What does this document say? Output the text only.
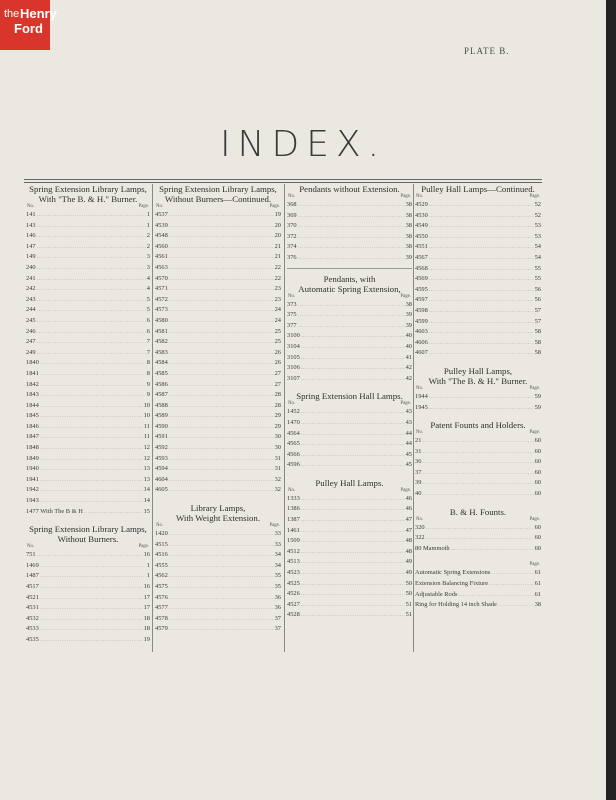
the Henry
Ford
PLATE B.
INDEX.
Spring Extension Library Lamps,
With "The B. & H." Burner.
No.	Page.
141 .....	1
143 .....	1
146 .....	2
147 .....	2
149 .....	3
240 .....	3
241 .....	4
242 .....	4
243 .....	5
244 .....	5
245 .....	6
246 .....	6
247 .....	7
249 .....	7
1840 .....	8
1841 .....	8
1842 .....	9
1843 .....	9
1844 .....	10
1845 .....	10
1846 .....	11
1847 .....	11
1848 .....	12
1849 .....	12
1940 .....	13
1941 .....	13
1942 .....	14
1943 .....	14
1477 With The B & H .....	15
Spring Extension Library Lamps,
Without Burners.
No.	Page.
751 .....	16
1469 .....	1
1487 .....	1
4517 .....	16
4521 .....	17
4531 .....	17
4532 .....	18
4533 .....	18
4535 .....	19
Spring Extension Library Lamps,
Without Burners—Continued.
No.	Page.
4537 .....	19
4539 .....	20
4548 .....	20
4560 .....	21
4561 .....	21
4563 .....	22
4570 .....	22
4571 .....	23
4572 .....	23
4573 .....	24
4580 .....	24
4581 .....	25
4582 .....	25
4583 .....	26
4584 .....	26
4585 .....	27
4586 .....	27
4587 .....	28
4588 .....	28
4589 .....	29
4590 .....	29
4591 .....	30
4592 .....	30
4593 .....	31
4594 .....	31
4604 .....	32
4605 .....	32
Library Lamps,
With Weight Extension.
No.	Page.
1420 .....	33
4515 .....	33
4516 .....	34
4555 .....	34
4562 .....	35
4575 .....	35
4576 .....	36
4577 .....	36
4578 .....	37
4579 .....	37
Pendants without Extension.
No.	Page.
368 .....	38
369 .....	38
370 .....	38
372 .....	38
374 .....	38
376 .....	39
Pendants, with
Automatic Spring Extension,
No.	Page.
373 .....	38
375 .....	39
377 .....	39
3100 .....	40
3104 .....	40
3105 .....	41
3106 .....	42
3107 .....	42
Spring Extension Hall Lamps.
No.	Page.
1452 .....	43
1470 .....	43
4564 .....	44
4565 .....	44
4566 .....	45
4596 .....	45
Pulley Hall Lamps.
No.	Page.
1333 .....	46
1386 .....	46
1387 .....	47
1461 .....	47
1509 .....	48
4512 .....	48
4513 .....	49
4523 .....	49
4525 .....	50
4526 .....	50
4527 .....	51
4528 .....	51
Pulley Hall Lamps—Continued.
No.	Page.
4529 .....	52
4530 .....	52
4549 .....	53
4550 .....	53
4551 .....	54
4567 .....	54
4568 .....	55
4569 .....	55
4595 .....	56
4597 .....	56
4598 .....	57
4599 .....	57
4603 .....	58
4606 .....	58
4607 .....	58
Pulley Hall Lamps,
With "The B. & H." Burner.
No.	Page.
1944 .....	59
1945 .....	59
Patent Founts and Holders.
No.	Page.
21 .....	60
31 .....	60
36 .....	60
37 .....	60
39 .....	60
40 .....	60
B. & H. Founts.
No.	Page.
320 .....	60
322 .....	60
80 Mammoth .....	60
Page.
Automatic Spring Extensions .....	61
Extension Balancing Fixture .....	61
Adjustable Rods .....	61
Ring for Holding 14 inch Shade .....	38
